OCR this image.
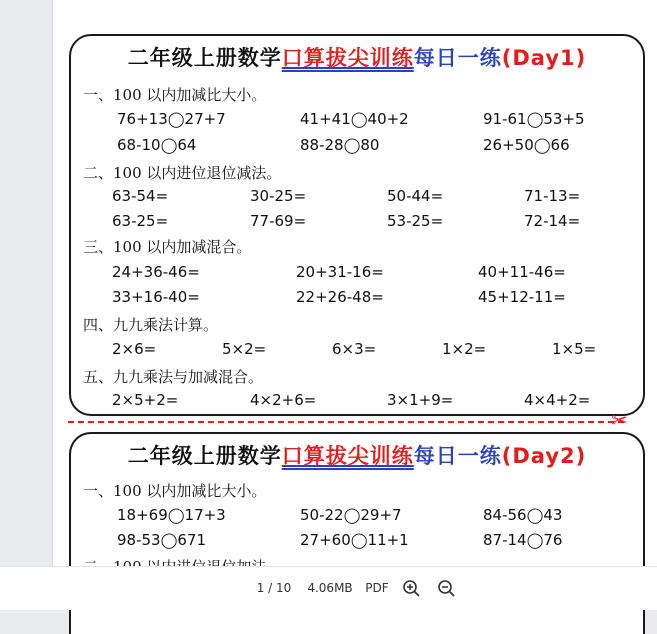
二年级上册数学口算拔尖训练每日一练(Day1)
一、100 以内加减比大小。
76+13◯27+7	41+41◯40+2	91-61◯53+5
68-10◯64	88-28◯80	26+50◯66
二、100 以内进位退位减法。
63-54=	30-25=	50-44=	71-13=
63-25=	77-69=	53-25=	72-14=
三、100 以内加减混合。
24+36-46=	20+31-16=	40+11-46=
33+16-40=	22+26-48=	45+12-11=
四、九九乘法计算。
2×6=	5×2=	6×3=	1×2=	1×5=
五、九九乘法与加减混合。
2×5+2=	4×2+6=	3×1+9=	4×4+2=
二年级上册数学口算拔尖训练每日一练(Day2)
一、100 以内加减比大小。
18+69◯17+3	50-22◯29+7	84-56◯43
98-53◯671	27+60◯11+1	87-14◯76
✂
1 / 10	4.06MB PDF
